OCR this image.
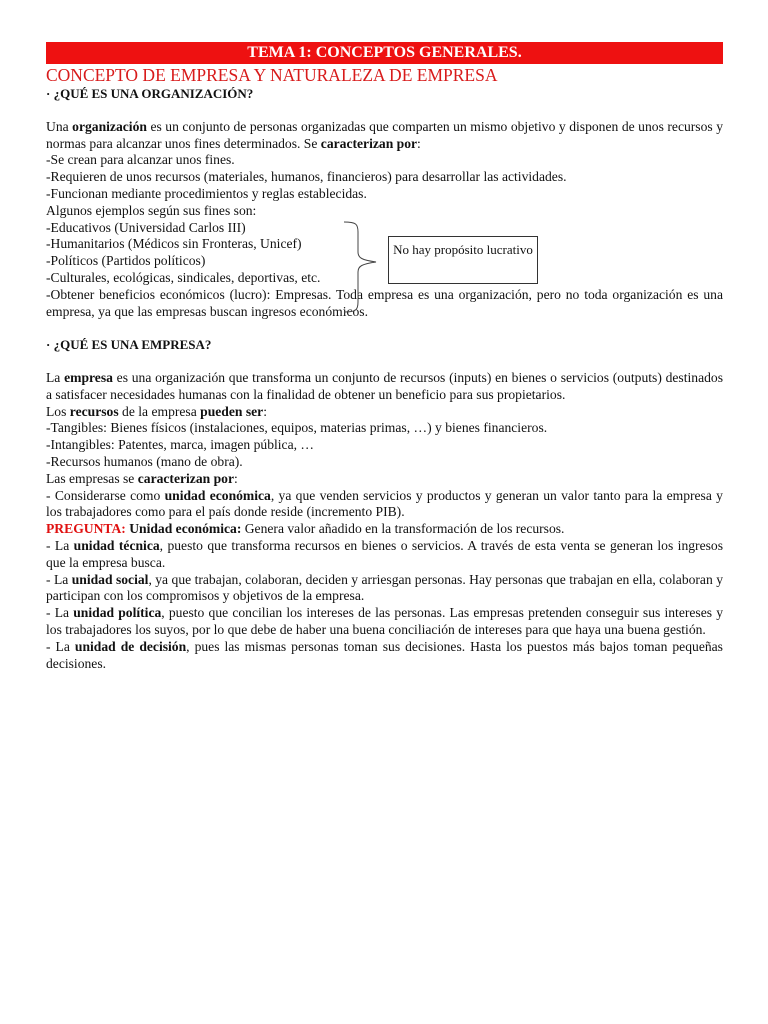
TEMA 1: CONCEPTOS GENERALES.
CONCEPTO DE EMPRESA Y NATURALEZA DE EMPRESA
· ¿QUÉ ES UNA ORGANIZACIÓN?

Una organización es un conjunto de personas organizadas que comparten un mismo objetivo y disponen de unos recursos y normas para alcanzar unos fines determinados. Se caracterizan por:

-Se crean para alcanzar unos fines.

-Requieren de unos recursos (materiales, humanos, financieros) para desarrollar las actividades.

-Funcionan mediante procedimientos y reglas establecidas.

Algunos ejemplos según sus fines son:

-Educativos (Universidad Carlos III)

-Humanitarios (Médicos sin Fronteras, Unicef)

-Políticos (Partidos políticos)

-Culturales, ecológicas, sindicales, deportivas, etc.

-Obtener beneficios económicos (lucro): Empresas. Toda empresa es una organización, pero no toda organización es una empresa, ya que las empresas buscan ingresos económicos.

No hay propósito lucrativo
· ¿QUÉ ES UNA EMPRESA?

La empresa es una organización que transforma un conjunto de recursos (inputs) en bienes o servicios (outputs) destinados a satisfacer necesidades humanas con la finalidad de obtener un beneficio para sus propietarios.

Los recursos de la empresa pueden ser:

-Tangibles: Bienes físicos (instalaciones, equipos, materias primas, …) y bienes financieros.

-Intangibles: Patentes, marca, imagen pública, …

-Recursos humanos (mano de obra).

Las empresas se caracterizan por:

- Considerarse como unidad económica, ya que venden servicios y productos y generan un valor tanto para la empresa y los trabajadores como para el país donde reside (incremento PIB).

PREGUNTA: Unidad económica: Genera valor añadido en la transformación de los recursos.

- La unidad técnica, puesto que transforma recursos en bienes o servicios. A través de esta venta se generan los ingresos que la empresa busca.

- La unidad social, ya que trabajan, colaboran, deciden y arriesgan personas. Hay personas que trabajan en ella, colaboran y participan con los compromisos y objetivos de la empresa.

- La unidad política, puesto que concilian los intereses de las personas. Las empresas pretenden conseguir sus intereses y los trabajadores los suyos, por lo que debe de haber una buena conciliación de intereses para que haya una buena gestión.

- La unidad de decisión, pues las mismas personas toman sus decisiones. Hasta los puestos más bajos toman pequeñas decisiones.
